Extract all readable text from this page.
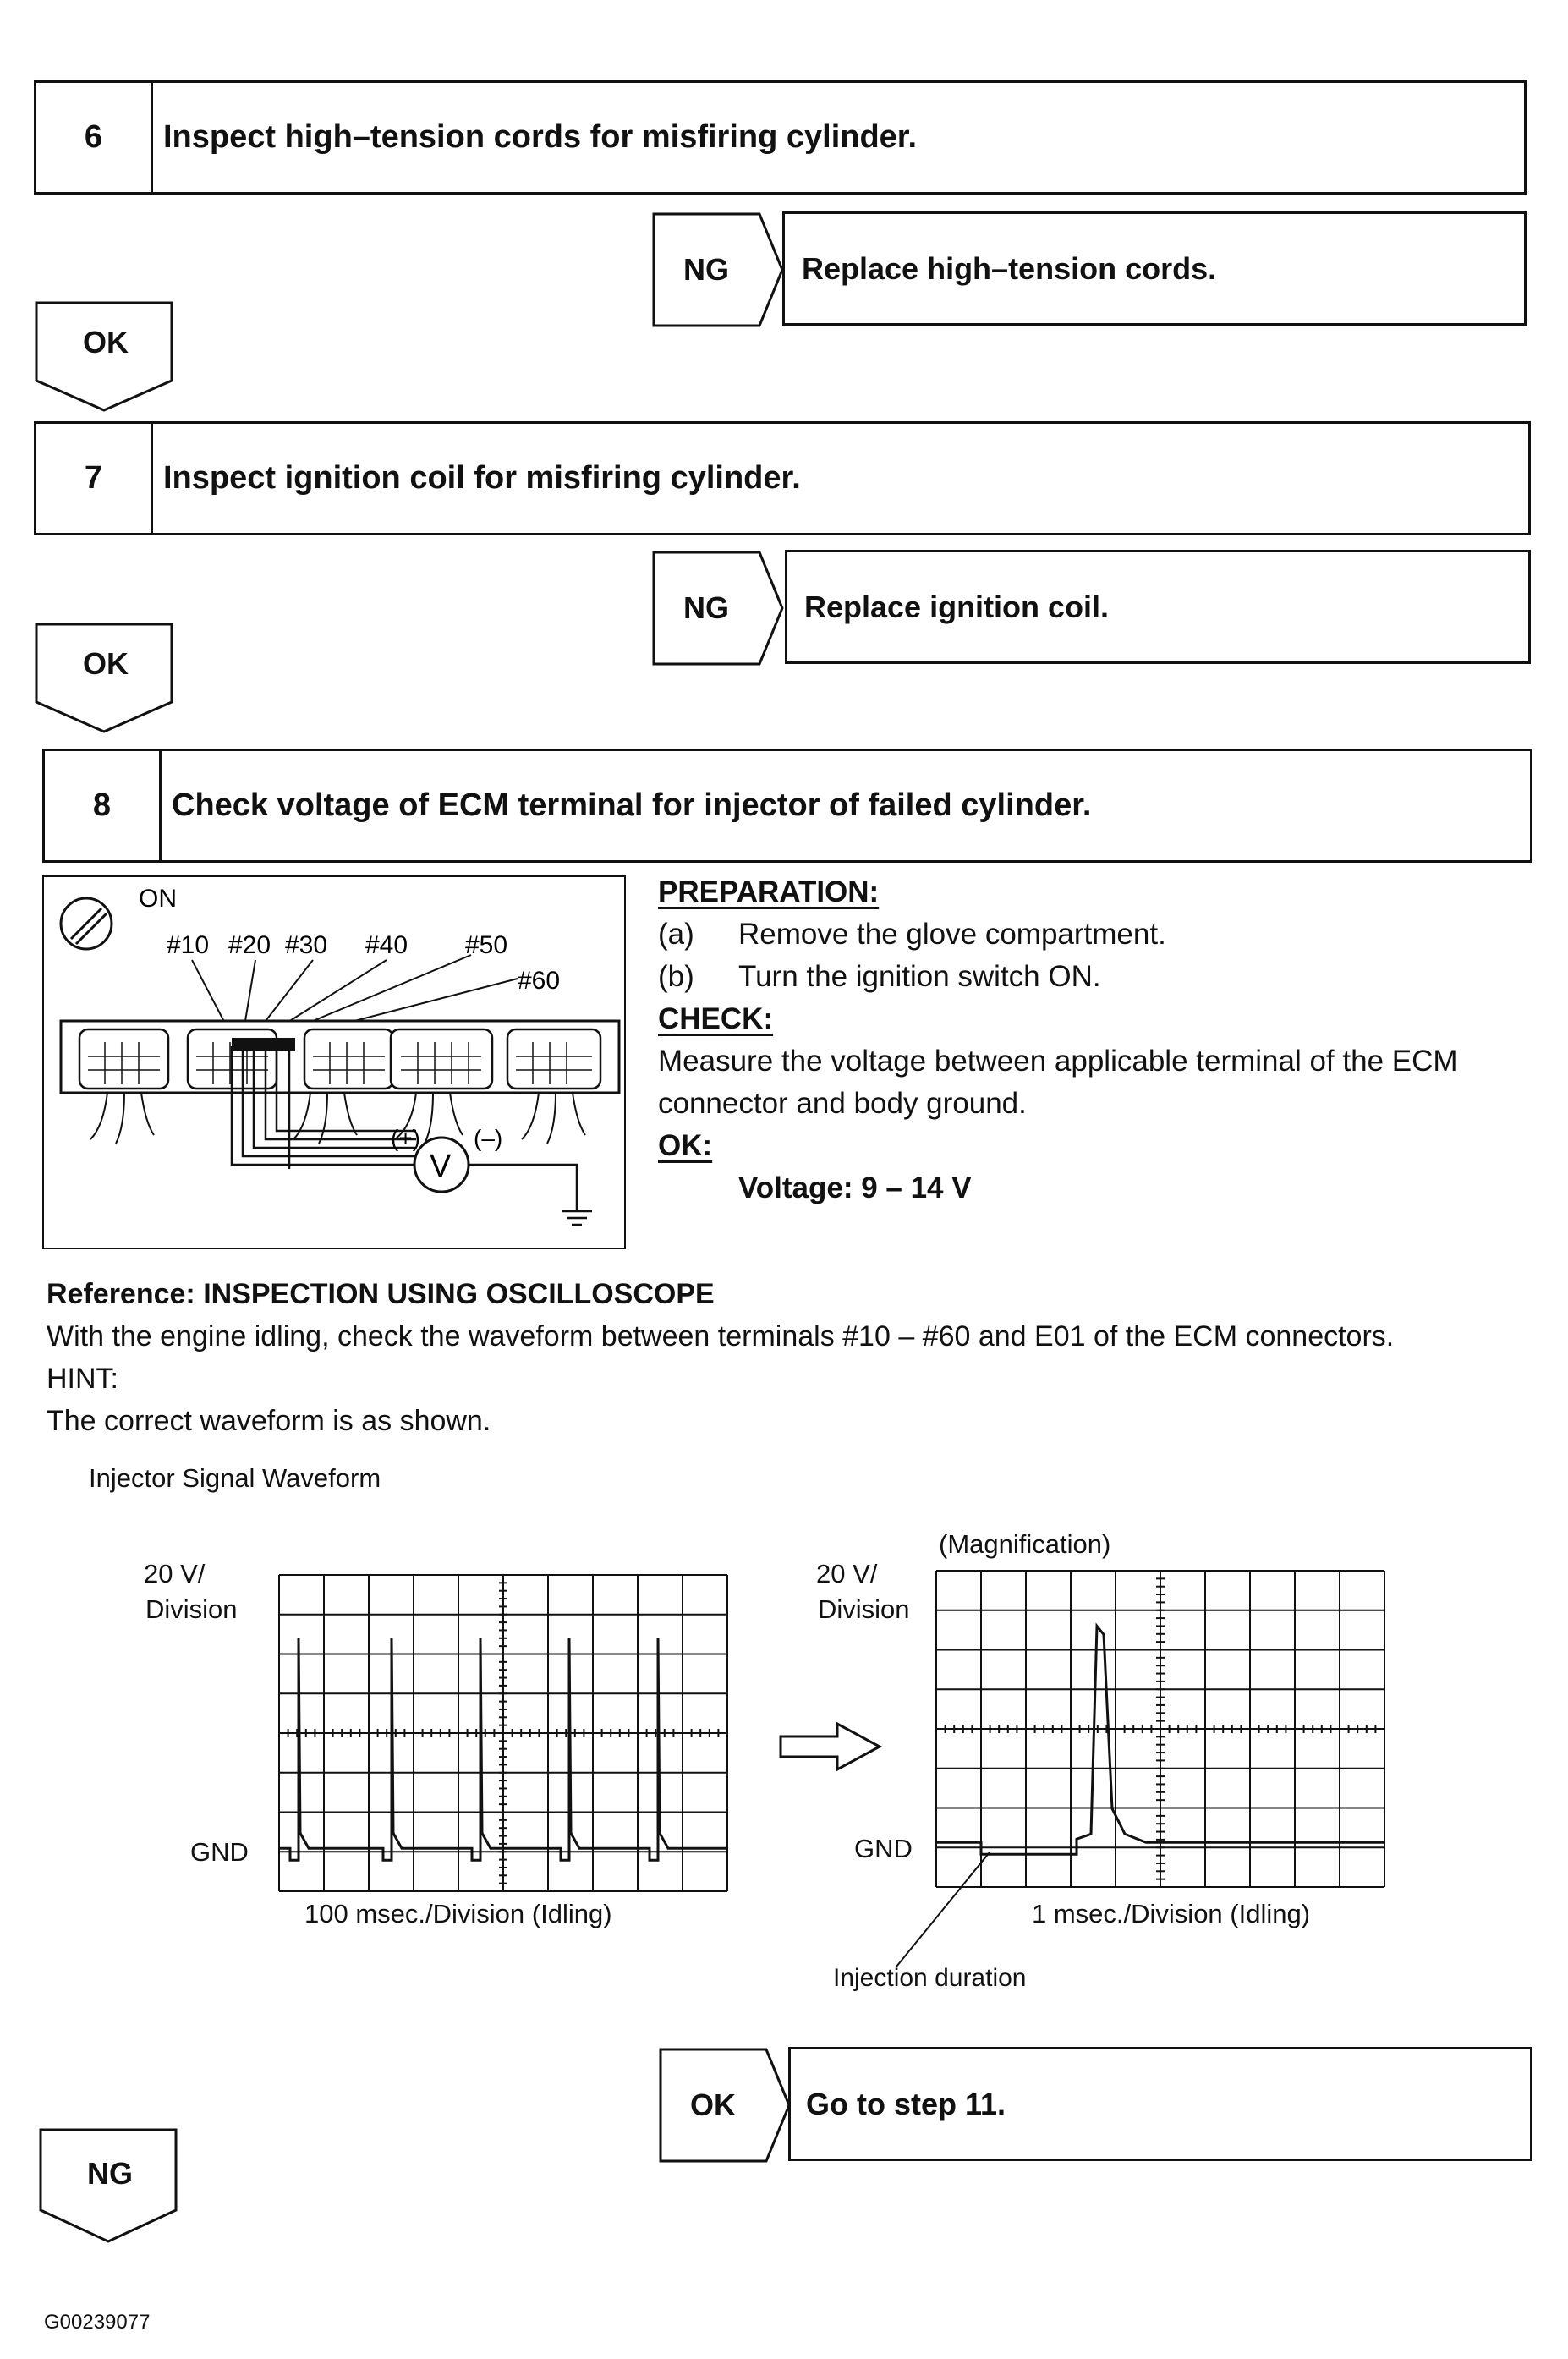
6	Inspect high–tension cords for misfiring cylinder.
NG	Replace high–tension cords.
OK
7	Inspect ignition coil for misfiring cylinder.
NG	Replace ignition coil.
OK
8	Check voltage of ECM terminal for injector of failed cylinder.
ON
#10 #20 #30 #40 #50
#60
V
(+) (–)
PREPARATION:
(a) Remove the glove compartment.
(b) Turn the ignition switch ON.
CHECK:
Measure the voltage between applicable terminal of the ECM
connector and body ground.
OK:
Voltage: 9 – 14 V
Reference: INSPECTION USING OSCILLOSCOPE
With the engine idling, check the waveform between terminals #10 – #60 and E01 of the ECM connectors.
HINT:
The correct waveform is as shown.
Injector Signal Waveform
20 V/
Division
GND
100 msec./Division (Idling)
(Magnification)
20 V/
Division
GND
1 msec./Division (Idling)
Injection duration
OK	Go to step 11.
NG
G00239077
